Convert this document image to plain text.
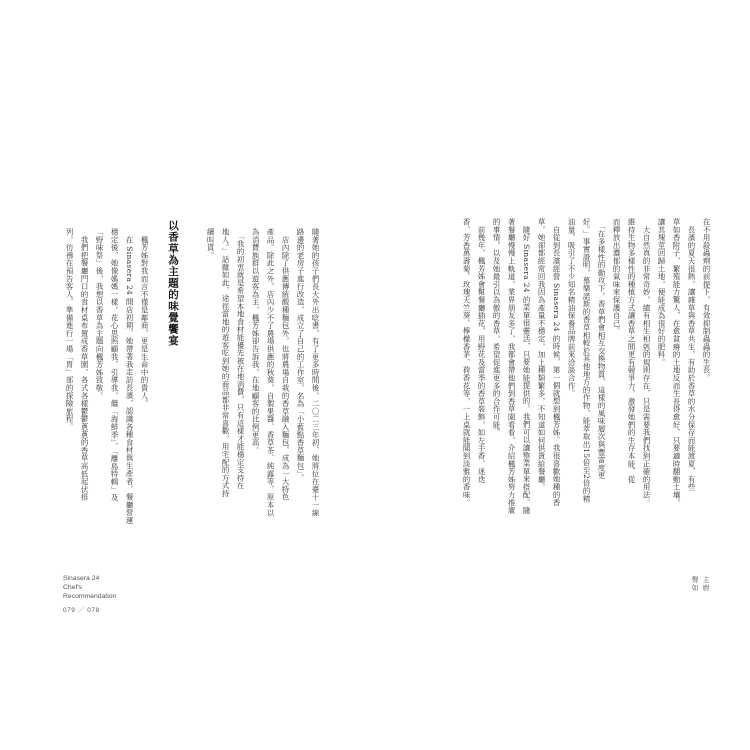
在不用殺蟲劑的前提下，有效抑制蟲蟲的生長。
　長濱的夏天很熱，讓雜草與香草共生，有助於香草的水分保存而能渡夏，有些
草如香附子，繁殖能力驚人，在愈貧瘠的土地反而生長得愈好，只要適時翻動土壤，
讓其塊莖回歸土地，便能成為很好的肥料。
　大自然真的非常奇妙，總有相生相剋的規則存在，只是需要我們找到正確的用法。
維持生物多樣性的種植方式讓香草之間更有競爭力，激發她們的生存本能，從
而釋放出濃郁的氣味來保護自己。
　「在多樣性的動攻下，香草們會相互交換物質，這樣的風味層次與豐富度更
好。」事實證明，慕樂諾斯的香草相較於其他地方的作物，能萃取出15倍至2倍的精
油量，吸引了不少知名精油保養品牌前來洽談合作。
　自從到長濱經營 Sinasera 24 的時候，第一個就想到楓芳姊。我很喜歡她種的香
草，她卻都經常回我因為產量不穩定，加上種類繁多，不知道如何供貨給餐廳。
　隨好 Sinasera 24 的菜單很靈活，只要她能提供的，我們可以讓整菜單來搭配。隨
著餐廳慢慢上軌道，業界朋友多了，我都會帶他們到香草園看看，介紹楓芳姊努力推廣
的事情，以及她最引以為傲的香草，希望促進更多的合作可能。
　前幾年，楓芳姊會幫餐廳插花，用野花及當季的香草裝飾，如左手香、迷迭
香、芳香萬壽菊、玫瑰天竺葵、檸檬香茅、荷香花等，一上桌就能聞到淡雅的香味。
主廚
聲如
隨著她的孩子們長大外出唸書，有了更多時間後，二〇二三年初，她將位在臺十一線
路邊的老房子進行改造，成立了自己的工作室，名為「小藍點香草麵包」。
　店內除了供應傳統酸種麵包外，也將農場自栽的香草融入麵包，成為一大特色
產品。除此之外，店內少不了農場供應的秋葵，自製果醬、香草茶、純露等，原本以
為消費族群以遊客為主，楓芳姊卻告訴我，在地顧客的比例更高。
　「我的初衷就是希望本地食材能優先被在地消費，只有這樣才能穩定支持在
地人。」話雖如此，途徑當地的遊客吃到她的商品都非常喜歡，用宅配的方式持
續叫貨。
以香草為主題的味覺饗宴
　楓芳姊對我而言不僅是鄰商，更是生命中的貴人。
　在 Sinasera 24 開店初期，她帶著我走訪長濱，認識各種食材與生產者，餐廳營運
穩定後，她像媽媽一樣，花心思照顧我，引導我，繼「海鮮季」、「離島特輯」及
「野味祭」後，我想以香草為主題向楓芳姊致敬。
　我們把餐廳門口的食材桌布置成香草園，各式各樣鬱鬱蔥蔥的香草高低起伏排
列，彷彿在預告客人，準備進行一場「胃」部的探險旅程。
Sinasera 24
Chef's
Recommendation
079 ／ 078
